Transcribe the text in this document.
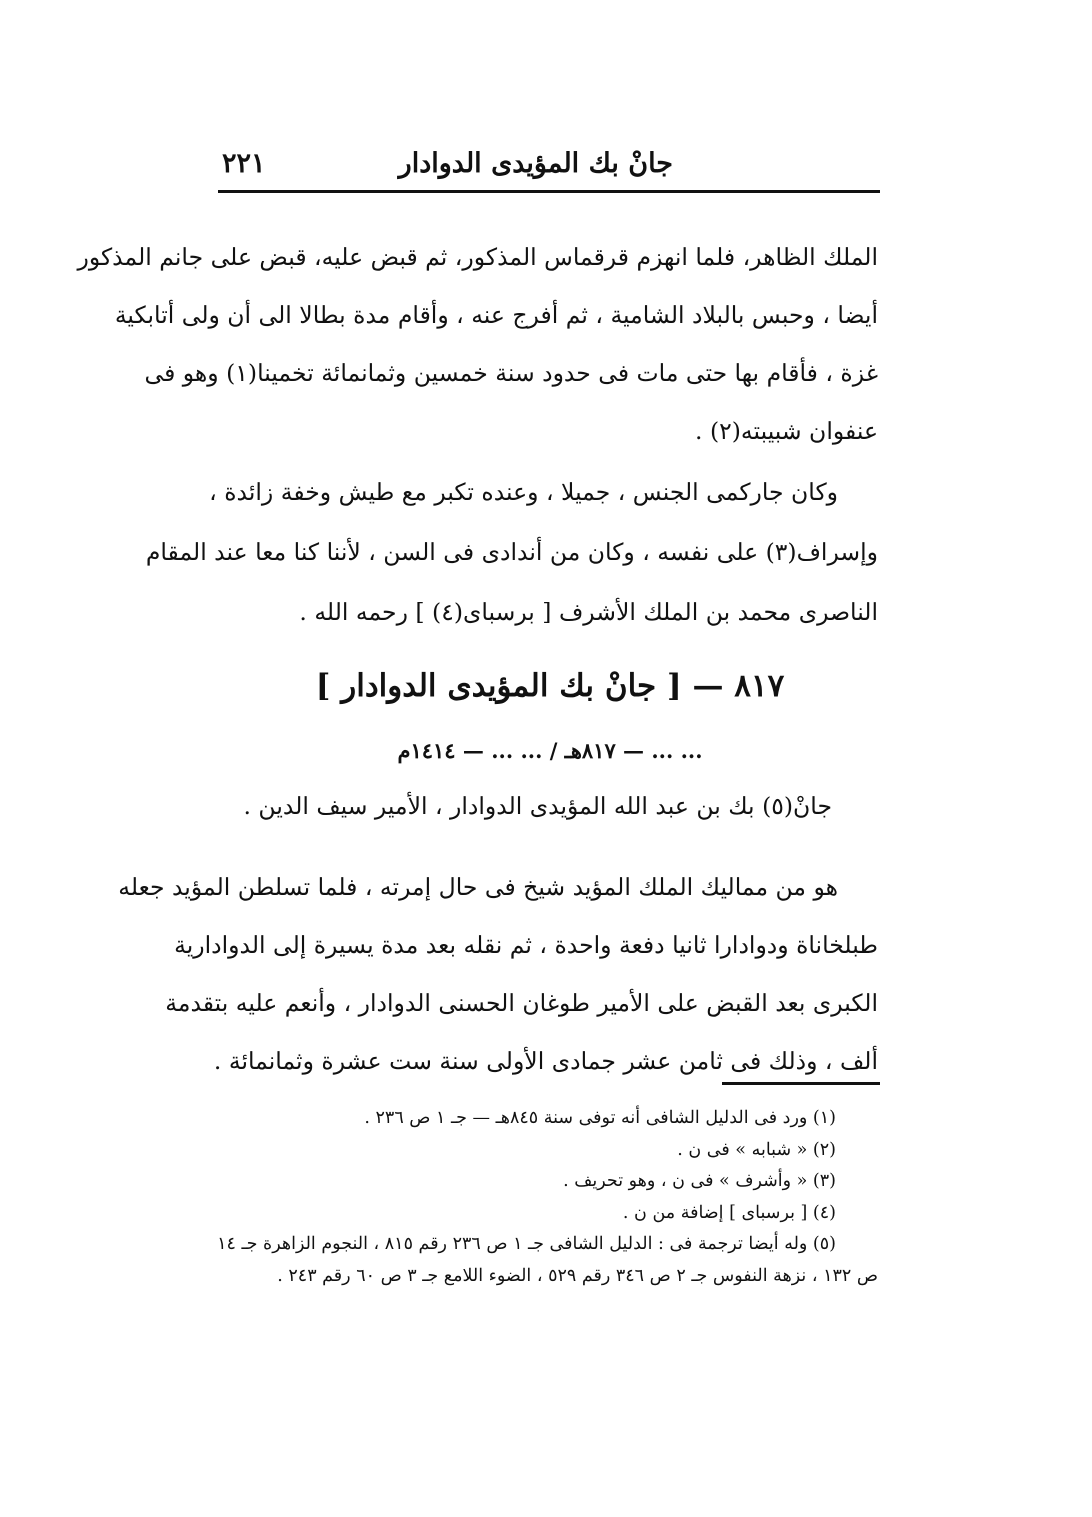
جانْ بك المؤيدى الدوادار
٢٢١

الملك الظاهر، فلما انهزم قرقماس المذكور، ثم قبض عليه، قبض على جانم المذكور

أيضا ، وحبس بالبلاد الشامية ، ثم أفرج عنه ، وأقام مدة بطالا الى أن ولى أتابكية

غزة ، فأقام بها حتى مات فى حدود سنة خمسين وثمانمائة تخمينا(١) وهو فى

عنفوان شبيبته(٢) .

وكان جاركمى الجنس ، جميلا ، وعنده تكبر مع طيش وخفة زائدة ،

وإسراف(٣) على نفسه ، وكان من أندادى فى السن ، لأننا كنا معا عند المقام

الناصرى محمد بن الملك الأشرف [ برسباى(٤) ] رحمه الله .

٨١٧ — [ جانْ بك المؤيدى الدوادار ]
... ... — ٨١٧هـ / ... ... — ١٤١٤م
جانْ(٥) بك بن عبد الله المؤيدى الدوادار ، الأمير سيف الدين .

هو من مماليك الملك المؤيد شيخ فى حال إمرته ، فلما تسلطن المؤيد جعله

طبلخاناة ودوادارا ثانيا دفعة واحدة ، ثم نقله بعد مدة يسيرة إلى الدوادارية

الكبرى بعد القبض على الأمير طوغان الحسنى الدوادار ، وأنعم عليه بتقدمة

ألف ، وذلك فى ثامن عشر جمادى الأولى سنة ست عشرة وثمانمائة .

(١) ورد فى الدليل الشافى أنه توفى سنة ٨٤٥هـ — جـ ١ ص ٢٣٦ .

(٢) « شبابه » فى ن .

(٣) « وأشرف » فى ن ، وهو تحريف .

(٤) [ برسباى ] إضافة من ن .

(٥) وله أيضا ترجمة فى : الدليل الشافى جـ ١ ص ٢٣٦ رقم ٨١٥ ، النجوم الزاهرة جـ ١٤

ص ١٣٢ ، نزهة النفوس جـ ٢ ص ٣٤٦ رقم ٥٢٩ ، الضوء اللامع جـ ٣ ص ٦٠ رقم ٢٤٣ .
